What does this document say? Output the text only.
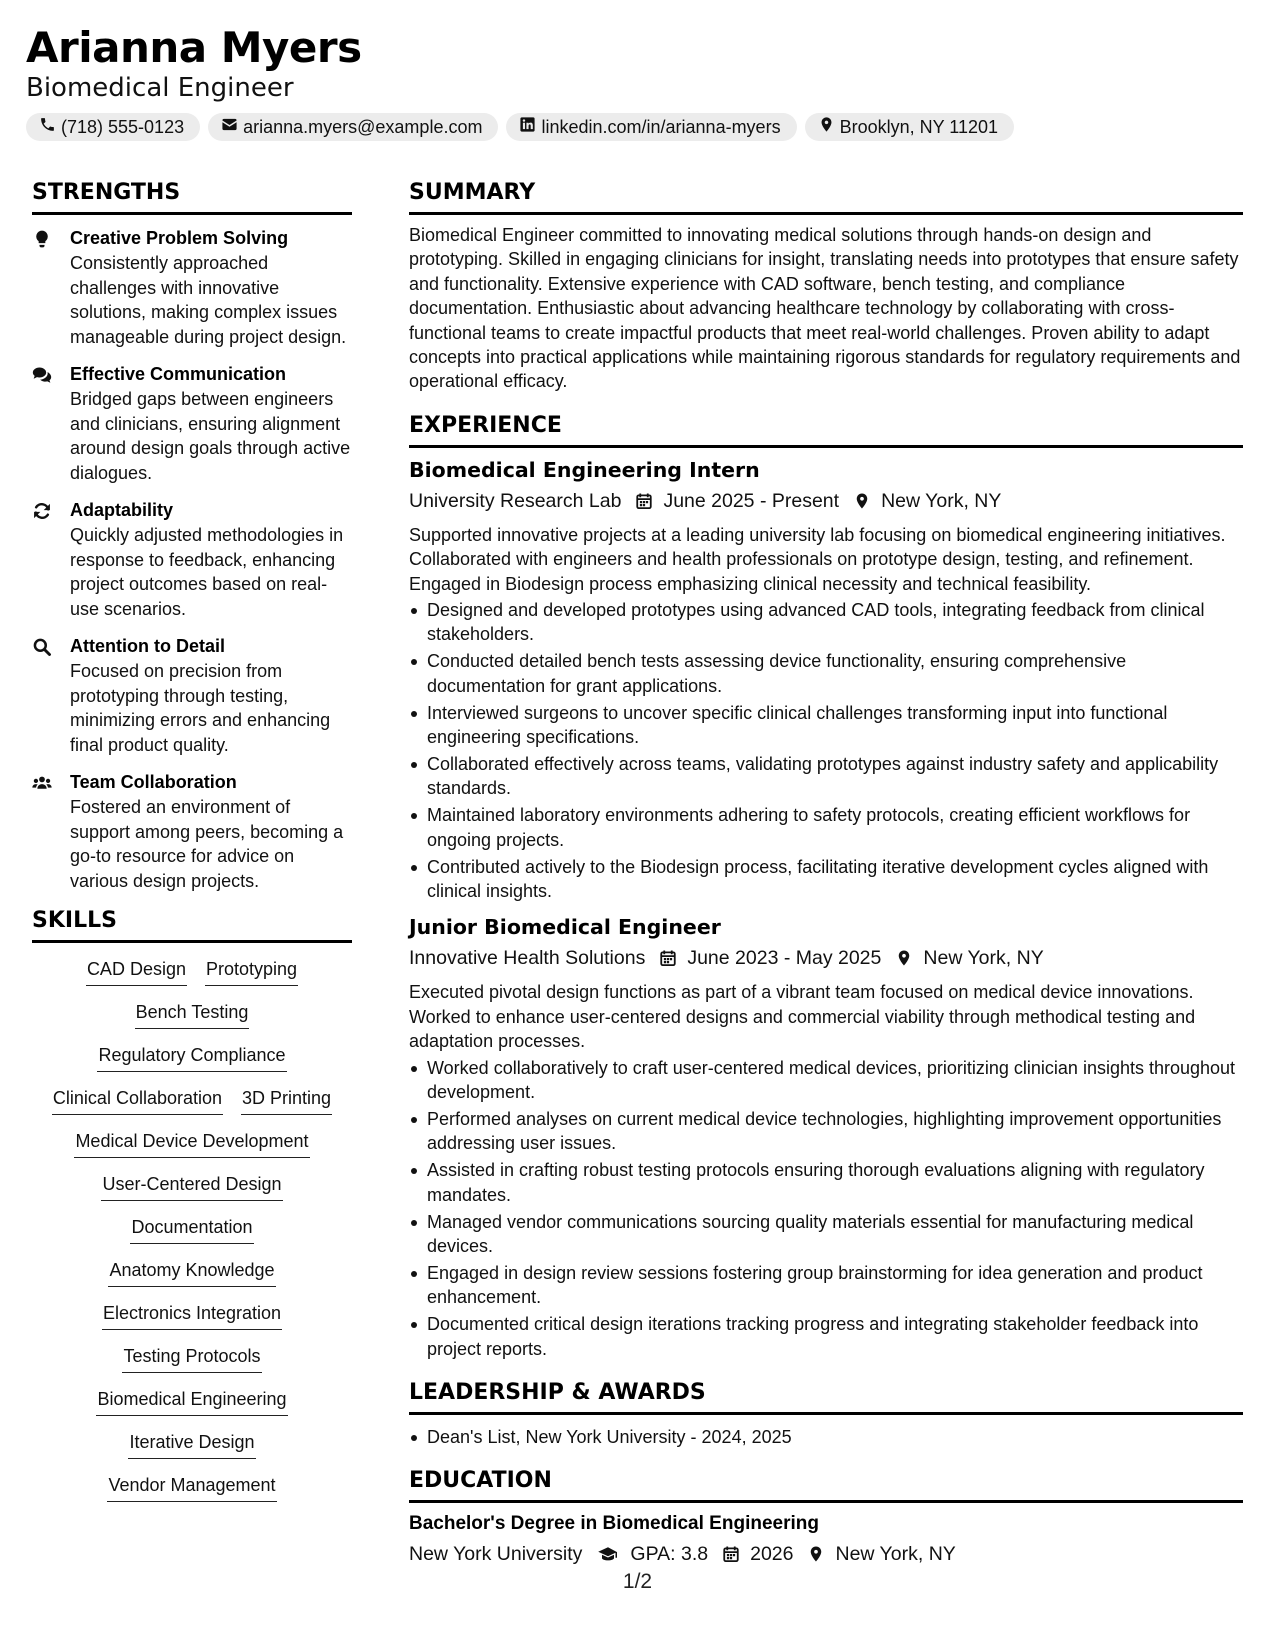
Arianna Myers
Biomedical Engineer
(718) 555-0123	arianna.myers@example.com	linkedin.com/in/arianna-myers	Brooklyn, NY 11201
STRENGTHS
Creative Problem Solving
Consistently approached challenges with innovative solutions, making complex issues manageable during project design.
Effective Communication
Bridged gaps between engineers and clinicians, ensuring alignment around design goals through active dialogues.
Adaptability
Quickly adjusted methodologies in response to feedback, enhancing project outcomes based on real-use scenarios.
Attention to Detail
Focused on precision from prototyping through testing, minimizing errors and enhancing final product quality.
Team Collaboration
Fostered an environment of support among peers, becoming a go-to resource for advice on various design projects.
SKILLS
CAD Design Prototyping
Bench Testing
Regulatory Compliance
Clinical Collaboration 3D Printing
Medical Device Development
User-Centered Design
Documentation
Anatomy Knowledge
Electronics Integration
Testing Protocols
Biomedical Engineering
Iterative Design
Vendor Management
SUMMARY
Biomedical Engineer committed to innovating medical solutions through hands-on design and prototyping. Skilled in engaging clinicians for insight, translating needs into prototypes that ensure safety and functionality. Extensive experience with CAD software, bench testing, and compliance documentation. Enthusiastic about advancing healthcare technology by collaborating with cross-functional teams to create impactful products that meet real-world challenges. Proven ability to adapt concepts into practical applications while maintaining rigorous standards for regulatory requirements and operational efficacy.
EXPERIENCE
Biomedical Engineering Intern
University Research Lab June 2025 - Present New York, NY
Supported innovative projects at a leading university lab focusing on biomedical engineering initiatives. Collaborated with engineers and health professionals on prototype design, testing, and refinement. Engaged in Biodesign process emphasizing clinical necessity and technical feasibility.
Designed and developed prototypes using advanced CAD tools, integrating feedback from clinical stakeholders.
Conducted detailed bench tests assessing device functionality, ensuring comprehensive documentation for grant applications.
Interviewed surgeons to uncover specific clinical challenges transforming input into functional engineering specifications.
Collaborated effectively across teams, validating prototypes against industry safety and applicability standards.
Maintained laboratory environments adhering to safety protocols, creating efficient workflows for ongoing projects.
Contributed actively to the Biodesign process, facilitating iterative development cycles aligned with clinical insights.
Junior Biomedical Engineer
Innovative Health Solutions June 2023 - May 2025 New York, NY
Executed pivotal design functions as part of a vibrant team focused on medical device innovations. Worked to enhance user-centered designs and commercial viability through methodical testing and adaptation processes.
Worked collaboratively to craft user-centered medical devices, prioritizing clinician insights throughout development.
Performed analyses on current medical device technologies, highlighting improvement opportunities addressing user issues.
Assisted in crafting robust testing protocols ensuring thorough evaluations aligning with regulatory mandates.
Managed vendor communications sourcing quality materials essential for manufacturing medical devices.
Engaged in design review sessions fostering group brainstorming for idea generation and product enhancement.
Documented critical design iterations tracking progress and integrating stakeholder feedback into project reports.
LEADERSHIP & AWARDS
Dean's List, New York University - 2024, 2025
EDUCATION
Bachelor's Degree in Biomedical Engineering
New York University GPA: 3.8 2026 New York, NY
1/2
